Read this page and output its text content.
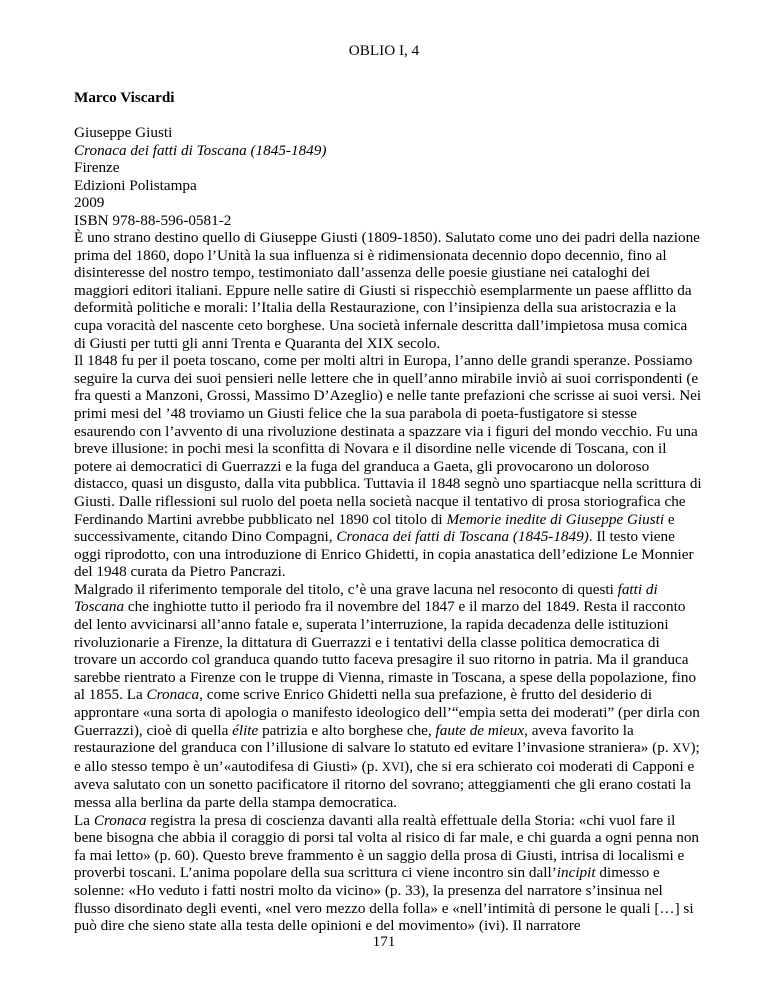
OBLIO I, 4
Marco Viscardi
Giuseppe Giusti
Cronaca dei fatti di Toscana (1845-1849)
Firenze
Edizioni Polistampa
2009
ISBN 978-88-596-0581-2

È uno strano destino quello di Giuseppe Giusti (1809-1850). Salutato come uno dei padri della nazione prima del 1860, dopo l’Unità la sua influenza si è ridimensionata decennio dopo decennio, fino al disinteresse del nostro tempo, testimoniato dall’assenza delle poesie giustiane nei cataloghi dei maggiori editori italiani. Eppure nelle satire di Giusti si rispecchiò esemplarmente un paese afflitto da deformità politiche e morali: l’Italia della Restaurazione, con l’insipienza della sua aristocrazia e la cupa voracità del nascente ceto borghese. Una società infernale descritta dall’impietosa musa comica di Giusti per tutti gli anni Trenta e Quaranta del XIX secolo.

Il 1848 fu per il poeta toscano, come per molti altri in Europa, l’anno delle grandi speranze. Possiamo seguire la curva dei suoi pensieri nelle lettere che in quell’anno mirabile inviò ai suoi corrispondenti (e fra questi a Manzoni, Grossi, Massimo D’Azeglio) e nelle tante prefazioni che scrisse ai suoi versi. Nei primi mesi del ’48 troviamo un Giusti felice che la sua parabola di poeta-fustigatore si stesse esaurendo con l’avvento di una rivoluzione destinata a spazzare via i figuri del mondo vecchio. Fu una breve illusione: in pochi mesi la sconfitta di Novara e il disordine nelle vicende di Toscana, con il potere ai democratici di Guerrazzi e la fuga del granduca a Gaeta, gli provocarono un doloroso distacco, quasi un disgusto, dalla vita pubblica. Tuttavia il 1848 segnò uno spartiacque nella scrittura di Giusti. Dalle riflessioni sul ruolo del poeta nella società nacque il tentativo di prosa storiografica che Ferdinando Martini avrebbe pubblicato nel 1890 col titolo di Memorie inedite di Giuseppe Giusti e successivamente, citando Dino Compagni, Cronaca dei fatti di Toscana (1845-1849). Il testo viene oggi riprodotto, con una introduzione di Enrico Ghidetti, in copia anastatica dell’edizione Le Monnier del 1948 curata da Pietro Pancrazi.

Malgrado il riferimento temporale del titolo, c’è una grave lacuna nel resoconto di questi fatti di Toscana che inghiotte tutto il periodo fra il novembre del 1847 e il marzo del 1849. Resta il racconto del lento avvicinarsi all’anno fatale e, superata l’interruzione, la rapida decadenza delle istituzioni rivoluzionarie a Firenze, la dittatura di Guerrazzi e i tentativi della classe politica democratica di trovare un accordo col granduca quando tutto faceva presagire il suo ritorno in patria. Ma il granduca sarebbe rientrato a Firenze con le truppe di Vienna, rimaste in Toscana, a spese della popolazione, fino al 1855. La Cronaca, come scrive Enrico Ghidetti nella sua prefazione, è frutto del desiderio di approntare «una sorta di apologia o manifesto ideologico dell’“empia setta dei moderati” (per dirla con Guerrazzi), cioè di quella élite patrizia e alto borghese che, faute de mieux, aveva favorito la restaurazione del granduca con l’illusione di salvare lo statuto ed evitare l’invasione straniera» (p. XV); e allo stesso tempo è un’«autodifesa di Giusti» (p. XVI), che si era schierato coi moderati di Capponi e aveva salutato con un sonetto pacificatore il ritorno del sovrano; atteggiamenti che gli erano costati la messa alla berlina da parte della stampa democratica.

La Cronaca registra la presa di coscienza davanti alla realtà effettuale della Storia: «chi vuol fare il bene bisogna che abbia il coraggio di porsi tal volta al risico di far male, e chi guarda a ogni penna non fa mai letto» (p. 60). Questo breve frammento è un saggio della prosa di Giusti, intrisa di localismi e proverbi toscani. L’anima popolare della sua scrittura ci viene incontro sin dall’incipit dimesso e solenne: «Ho veduto i fatti nostri molto da vicino» (p. 33), la presenza del narratore s’insinua nel flusso disordinato degli eventi, «nel vero mezzo della folla» e «nell’intimità di persone le quali […] si può dire che sieno state alla testa delle opinioni e del movimento» (ivi). Il narratore

171
